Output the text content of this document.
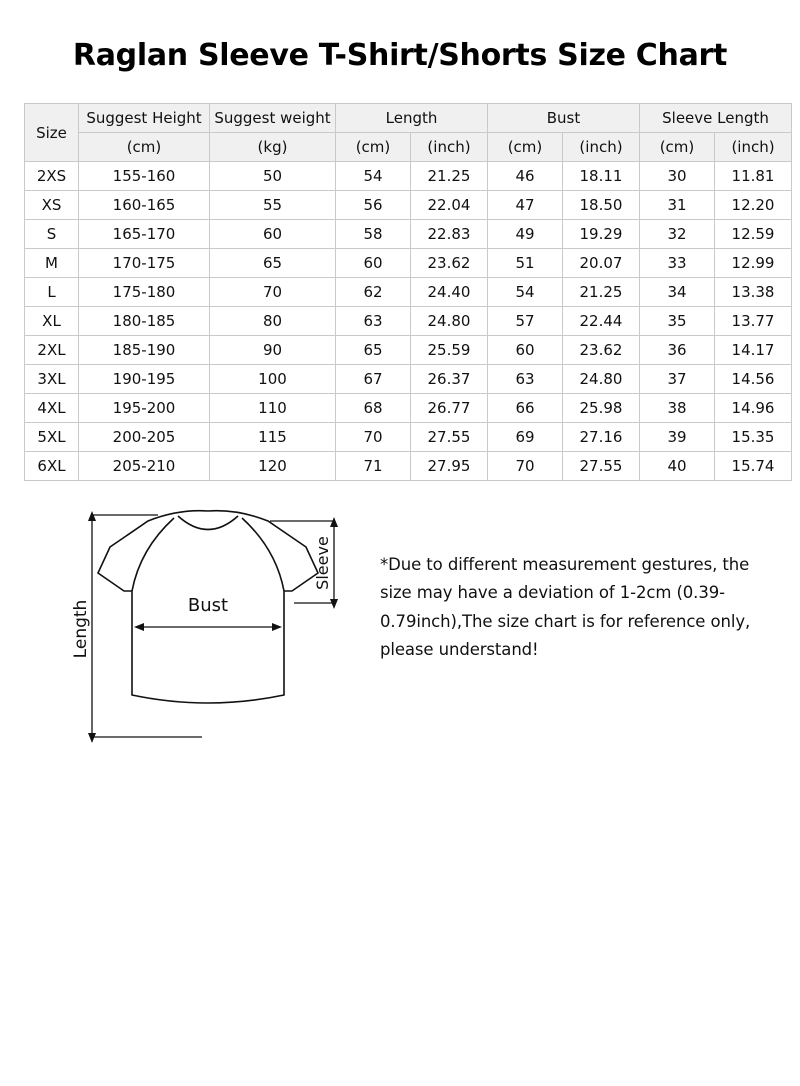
Raglan Sleeve T-Shirt/Shorts Size Chart
Size	Suggest Height	Suggest weight	Length		Bust		Sleeve Length	
	(cm)	(kg)	(cm)	(inch)	(cm)	(inch)	(cm)	(inch)
2XS	155-160	50	54	21.25	46	18.11	30	11.81
XS	160-165	55	56	22.04	47	18.50	31	12.20
S	165-170	60	58	22.83	49	19.29	32	12.59
M	170-175	65	60	23.62	51	20.07	33	12.99
L	175-180	70	62	24.40	54	21.25	34	13.38
XL	180-185	80	63	24.80	57	22.44	35	13.77
2XL	185-190	90	65	25.59	60	23.62	36	14.17
3XL	190-195	100	67	26.37	63	24.80	37	14.56
4XL	195-200	110	68	26.77	66	25.98	38	14.96
5XL	200-205	115	70	27.55	69	27.16	39	15.35
6XL	205-210	120	71	27.95	70	27.55	40	15.74
Length	Bust
Sleeve	*Due to different measurement gestures, the size may have a deviation of 1-2cm (0.39-0.79inch),The size chart is for reference only, please understand!
